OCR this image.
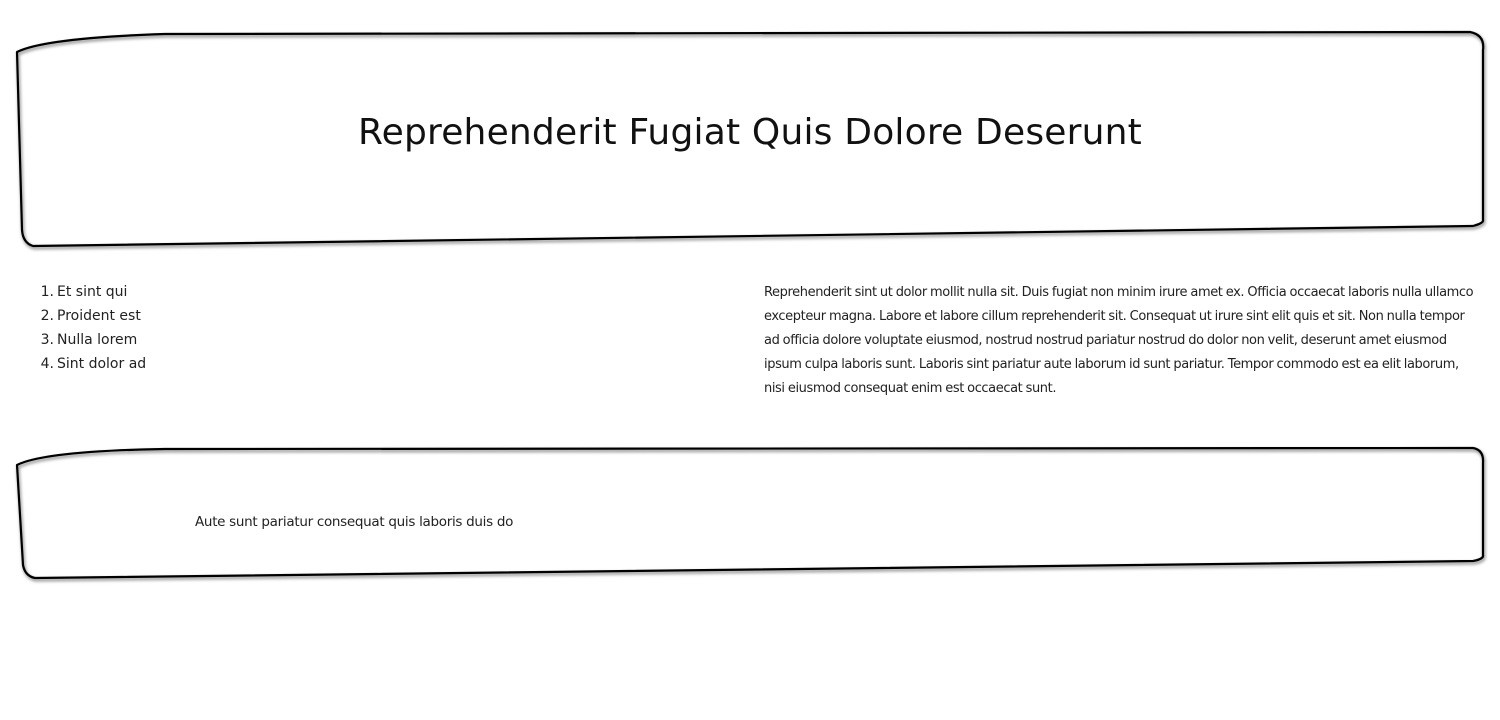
Reprehenderit Fugiat Quis Dolore Deserunt
1. Et sint qui
2. Proident est
3. Nulla lorem
4. Sint dolor ad

Reprehenderit sint ut dolor mollit nulla sit. Duis fugiat non minim irure amet ex. Officia occaecat laboris nulla ullamco excepteur magna. Labore et labore cillum reprehenderit sit. Consequat ut irure sint elit quis et sit. Non nulla tempor ad officia dolore voluptate eiusmod, nostrud nostrud pariatur nostrud do dolor non velit, deserunt amet eiusmod ipsum culpa laboris sunt. Laboris sint pariatur aute laborum id sunt pariatur. Tempor commodo est ea elit laborum, nisi eiusmod consequat enim est occaecat sunt.

Aute sunt pariatur consequat quis laboris duis do
